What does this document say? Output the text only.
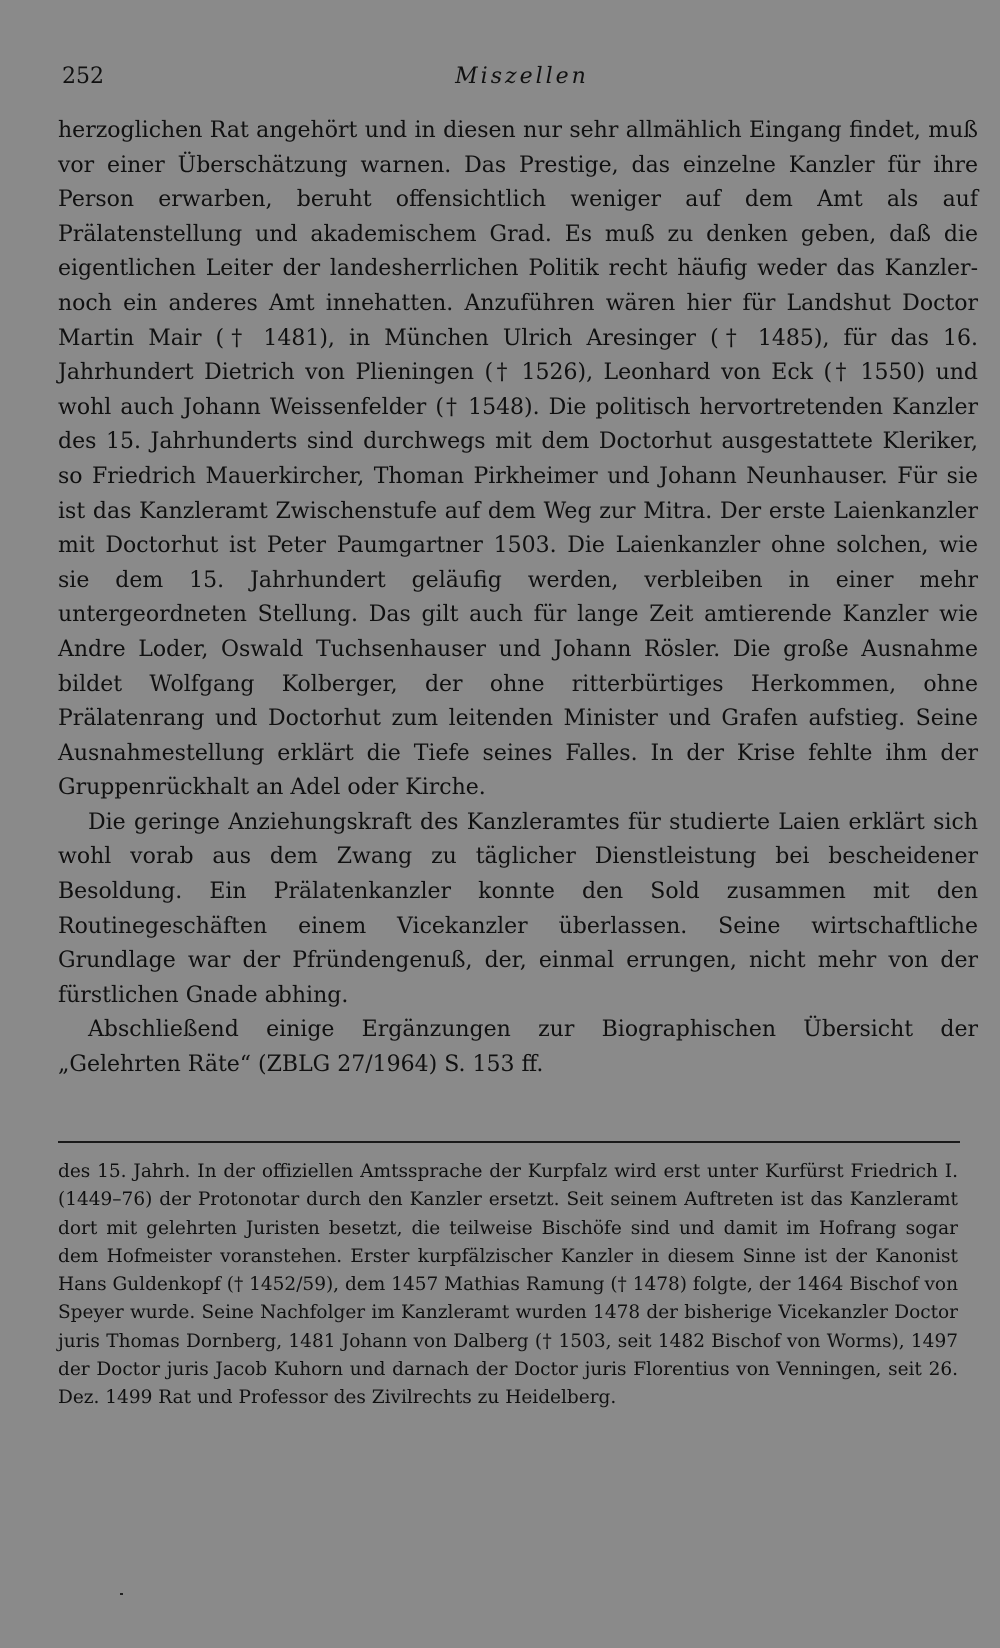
252	Miszellen

herzoglichen Rat angehört und in diesen nur sehr allmählich Eingang findet, muß vor einer Überschätzung warnen. Das Prestige, das einzelne Kanzler für ihre Person erwarben, beruht offensichtlich weniger auf dem Amt als auf Prälatenstellung und akademischem Grad. Es muß zu denken geben, daß die eigentlichen Leiter der landesherrlichen Politik recht häufig weder das Kanzler- noch ein anderes Amt innehatten. Anzuführen wären hier für Landshut Doctor Martin Mair († 1481), in München Ulrich Aresinger († 1485), für das 16. Jahrhundert Dietrich von Plieningen († 1526), Leonhard von Eck († 1550) und wohl auch Johann Weissenfelder († 1548). Die politisch hervortretenden Kanzler des 15. Jahrhunderts sind durchwegs mit dem Doctorhut ausgestattete Kleriker, so Friedrich Mauerkircher, Thoman Pirkheimer und Johann Neunhauser. Für sie ist das Kanzleramt Zwischenstufe auf dem Weg zur Mitra. Der erste Laienkanzler mit Doctorhut ist Peter Paumgartner 1503. Die Laienkanzler ohne solchen, wie sie dem 15. Jahrhundert geläufig werden, verbleiben in einer mehr untergeordneten Stellung. Das gilt auch für lange Zeit amtierende Kanzler wie Andre Loder, Oswald Tuchsenhauser und Johann Rösler. Die große Ausnahme bildet Wolfgang Kolberger, der ohne ritterbürtiges Herkommen, ohne Prälatenrang und Doctorhut zum leitenden Minister und Grafen aufstieg. Seine Ausnahmestellung erklärt die Tiefe seines Falles. In der Krise fehlte ihm der Gruppenrückhalt an Adel oder Kirche.

Die geringe Anziehungskraft des Kanzleramtes für studierte Laien erklärt sich wohl vorab aus dem Zwang zu täglicher Dienstleistung bei bescheidener Besoldung. Ein Prälatenkanzler konnte den Sold zusammen mit den Routinegeschäften einem Vicekanzler überlassen. Seine wirtschaftliche Grundlage war der Pfründengenuß, der, einmal errungen, nicht mehr von der fürstlichen Gnade abhing.

Abschließend einige Ergänzungen zur Biographischen Übersicht der „Gelehrten Räte“ (ZBLG 27/1964) S. 153 ff.

des 15. Jahrh. In der offiziellen Amtssprache der Kurpfalz wird erst unter Kurfürst Friedrich I. (1449–76) der Protonotar durch den Kanzler ersetzt. Seit seinem Auftreten ist das Kanzleramt dort mit gelehrten Juristen besetzt, die teilweise Bischöfe sind und damit im Hofrang sogar dem Hofmeister voranstehen. Erster kurpfälzischer Kanzler in diesem Sinne ist der Kanonist Hans Guldenkopf († 1452/59), dem 1457 Mathias Ramung († 1478) folgte, der 1464 Bischof von Speyer wurde. Seine Nachfolger im Kanzleramt wurden 1478 der bisherige Vicekanzler Doctor juris Thomas Dornberg, 1481 Johann von Dalberg († 1503, seit 1482 Bischof von Worms), 1497 der Doctor juris Jacob Kuhorn und darnach der Doctor juris Florentius von Venningen, seit 26. Dez. 1499 Rat und Professor des Zivilrechts zu Heidelberg.
